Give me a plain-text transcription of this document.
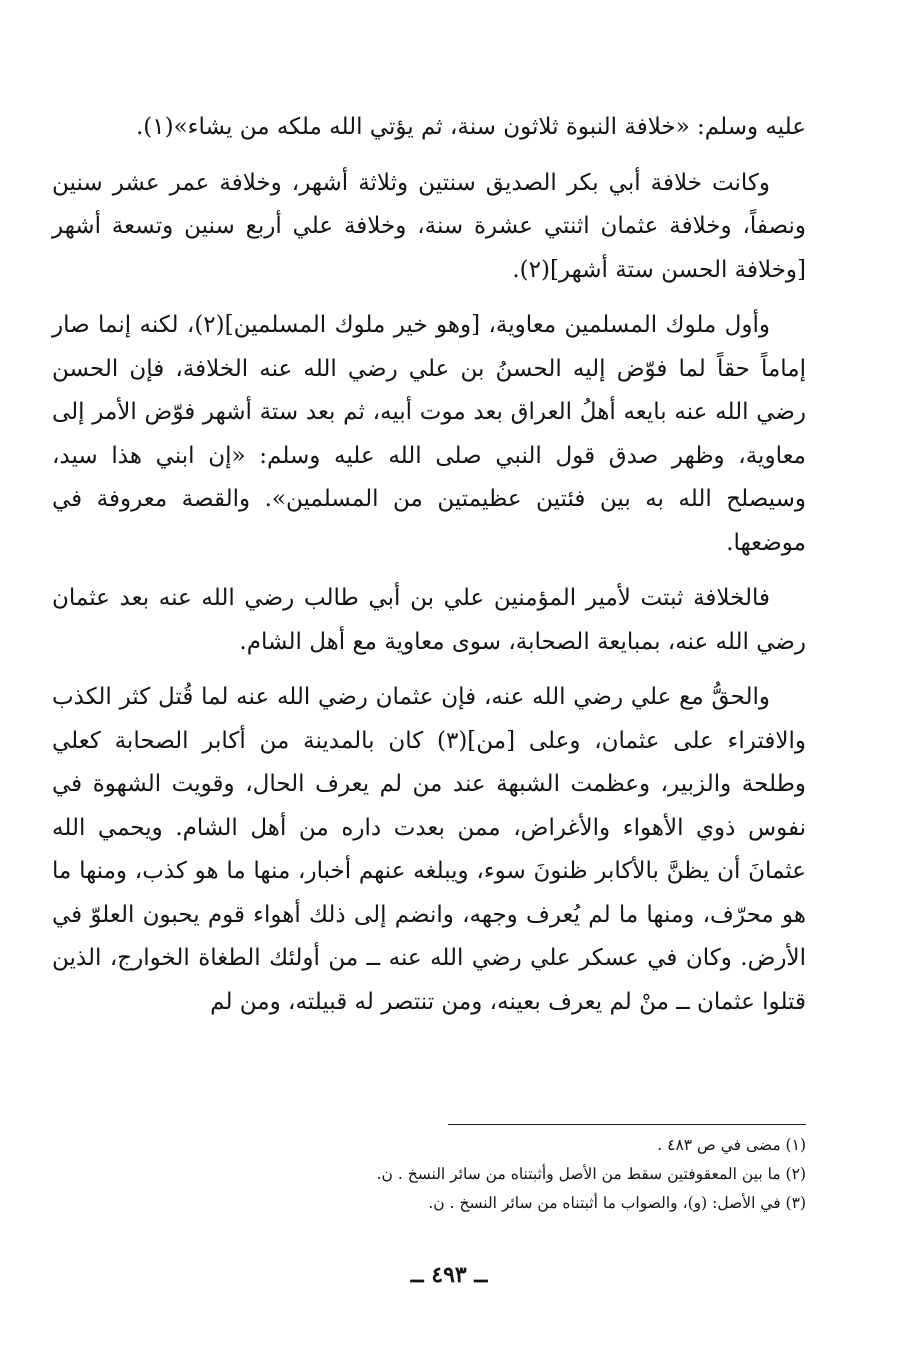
عليه وسلم: «خلافة النبوة ثلاثون سنة، ثم يؤتي الله ملكه من يشاء»(١).

وكانت خلافة أبي بكر الصديق سنتين وثلاثة أشهر، وخلافة عمر عشر سنين ونصفاً، وخلافة عثمان اثنتي عشرة سنة، وخلافة علي أربع سنين وتسعة أشهر [وخلافة الحسن ستة أشهر](٢).

وأول ملوك المسلمين معاوية، [وهو خير ملوك المسلمين](٢)، لكنه إنما صار إماماً حقاً لما فوّض إليه الحسنُ بن علي رضي الله عنه الخلافة، فإن الحسن رضي الله عنه بايعه أهلُ العراق بعد موت أبيه، ثم بعد ستة أشهر فوّض الأمر إلى معاوية، وظهر صدق قول النبي صلى الله عليه وسلم: «إن ابني هذا سيد، وسيصلح الله به بين فئتين عظيمتين من المسلمين». والقصة معروفة في موضعها.

فالخلافة ثبتت لأمير المؤمنين علي بن أبي طالب رضي الله عنه بعد عثمان رضي الله عنه، بمبايعة الصحابة، سوى معاوية مع أهل الشام.

والحقُّ مع علي رضي الله عنه، فإن عثمان رضي الله عنه لما قُتل كثر الكذب والافتراء على عثمان، وعلى [من](٣) كان بالمدينة من أكابر الصحابة كعلي وطلحة والزبير، وعظمت الشبهة عند من لم يعرف الحال، وقويت الشهوة في نفوس ذوي الأهواء والأغراض، ممن بعدت داره من أهل الشام. ويحمي الله عثمانَ أن يظنَّ بالأكابر ظنونَ سوء، ويبلغه عنهم أخبار، منها ما هو كذب، ومنها ما هو محرّف، ومنها ما لم يُعرف وجهه، وانضم إلى ذلك أهواء قوم يحبون العلوّ في الأرض. وكان في عسكر علي رضي الله عنه ــ من أولئك الطغاة الخوارج، الذين قتلوا عثمان ــ منْ لم يعرف بعينه، ومن تنتصر له قبيلته، ومن لم

(١) مضى في ص ٤٨٣ .

(٢) ما بين المعقوفتين سقط من الأصل وأثبتناه من سائر النسخ . ن.

(٣) في الأصل: (و)، والصواب ما أثبتناه من سائر النسخ . ن.

ــ ٤٩٣ ــ
